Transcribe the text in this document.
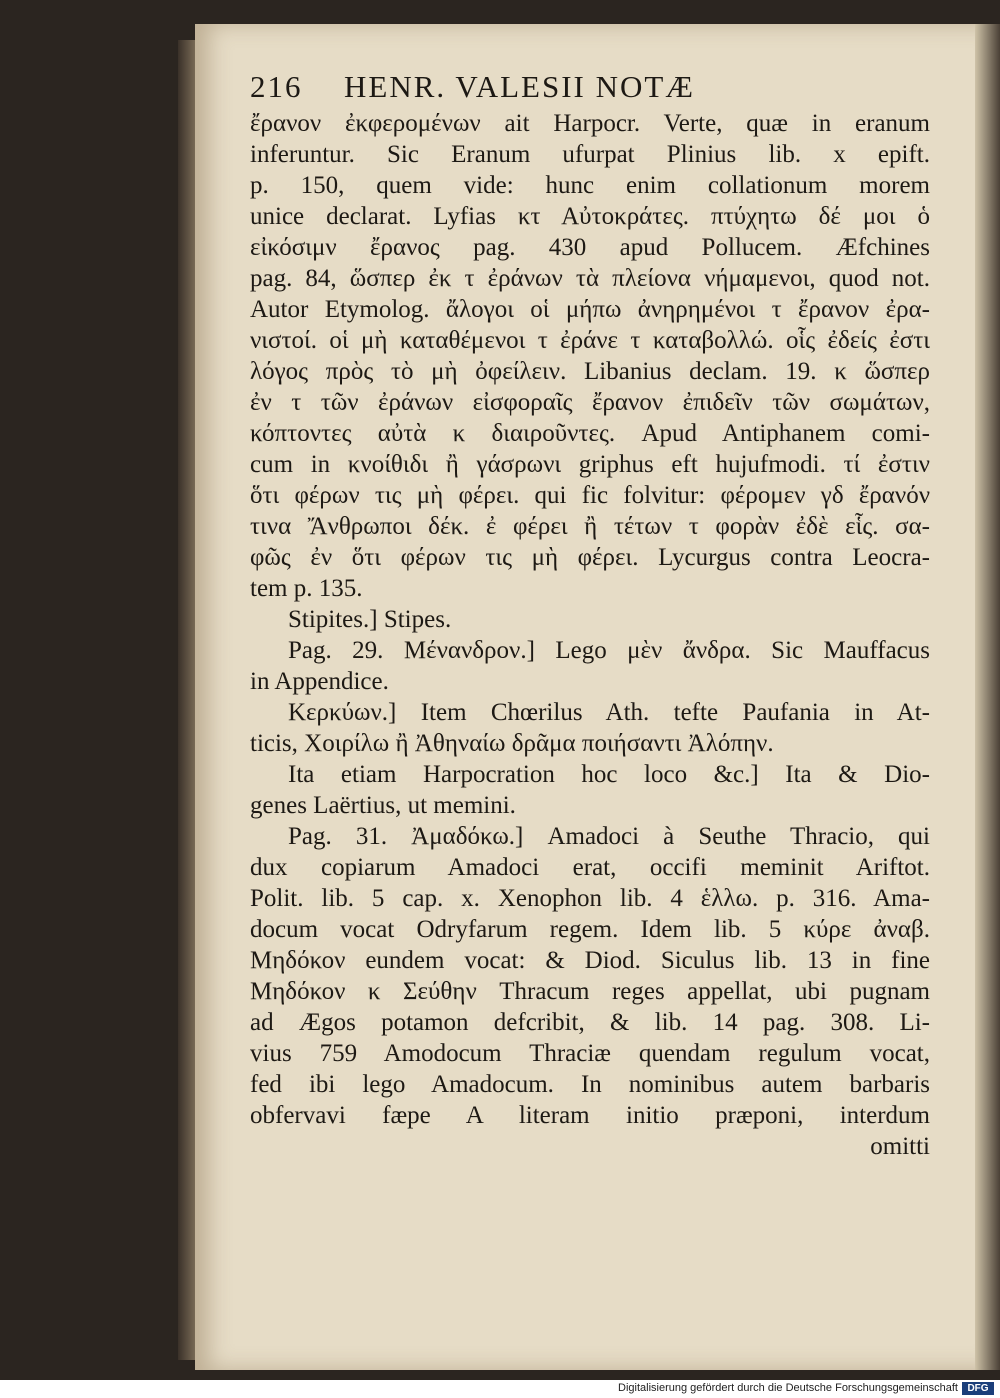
216 HENR. VALESII NOTÆ
ἔρανον ἐκφερομένων ait Harpocr. Verte, quæ in eranum
inferuntur. Sic Eranum ufurpat Plinius lib. x epift.
p. 150, quem vide: hunc enim collationum morem
unice declarat. Lyfias κτ Αὐτοκράτες. πτύχητω δέ μοι ὁ
εἰκόσιμν ἔρανος pag. 430 apud Pollucem. Æfchines
pag. 84, ὥσπερ ἐκ τ ἐράνων τὰ πλείονα νήμαμενοι, quod not.
Autor Etymolog. ἄλογοι οἱ μήπω ἀνηρημένοι τ ἔρανον ἐρα-
νιστοί. οἱ μὴ καταθέμενοι τ ἐράνε τ καταβολλώ. οἷς ἐδείς ἐστι
λόγος πρὸς τὸ μὴ ὀφείλειν. Libanius declam. 19. κ ὥσπερ
ἐν τ τῶν ἐράνων εἰσφοραῖς ἔρανον ἐπιδεῖν τῶν σωμάτων,
κόπτοντες αὐτὰ κ διαιροῦντες. Apud Antiphanem comi-
cum in κνοίθιδι ἢ γάσρωνι griphus eft hujufmodi. τί ἐστιν
ὅτι φέρων τις μὴ φέρει. qui fic folvitur: φέρομεν γδ ἔρανόν
τινα Ἄνθρωποι δέκ. ἐ φέρει ἢ τέτων τ φορὰν ἐδὲ εἷς. σα-
φῶς ἐν ὅτι φέρων τις μὴ φέρει. Lycurgus contra Leocra-
tem p. 135.
Stipites.] Stipes.
Pag. 29. Μένανδρον.] Lego μὲν ἄνδρα. Sic Mauffacus
in Appendice.
Κερκύων.] Item Chœrilus Ath. tefte Paufania in At-
ticis, Χοιρίλω ἢ Ἀθηναίω δρᾶμα ποιήσαντι Ἀλόπην.
Ita etiam Harpocration hoc loco &c.] Ita & Dio-
genes Laërtius, ut memini.
Pag. 31. Ἀμαδόκω.] Amadoci à Seuthe Thracio, qui
dux copiarum Amadoci erat, occifi meminit Ariftot.
Polit. lib. 5 cap. x. Xenophon lib. 4 ἑλλω. p. 316. Ama-
docum vocat Odryfarum regem. Idem lib. 5 κύρε ἀναβ.
Μηδόκον eundem vocat: & Diod. Siculus lib. 13 in fine
Μηδόκον κ Σεύθην Thracum reges appellat, ubi pugnam
ad Ægos potamon defcribit, & lib. 14 pag. 308. Li-
vius 759 Amodocum Thraciæ quendam regulum vocat,
fed ibi lego Amadocum. In nominibus autem barbaris
obfervavi fæpe A literam initio præponi, interdum
omitti
Digitalisierung gefördert durch die Deutsche Forschungsgemeinschaft DFG
